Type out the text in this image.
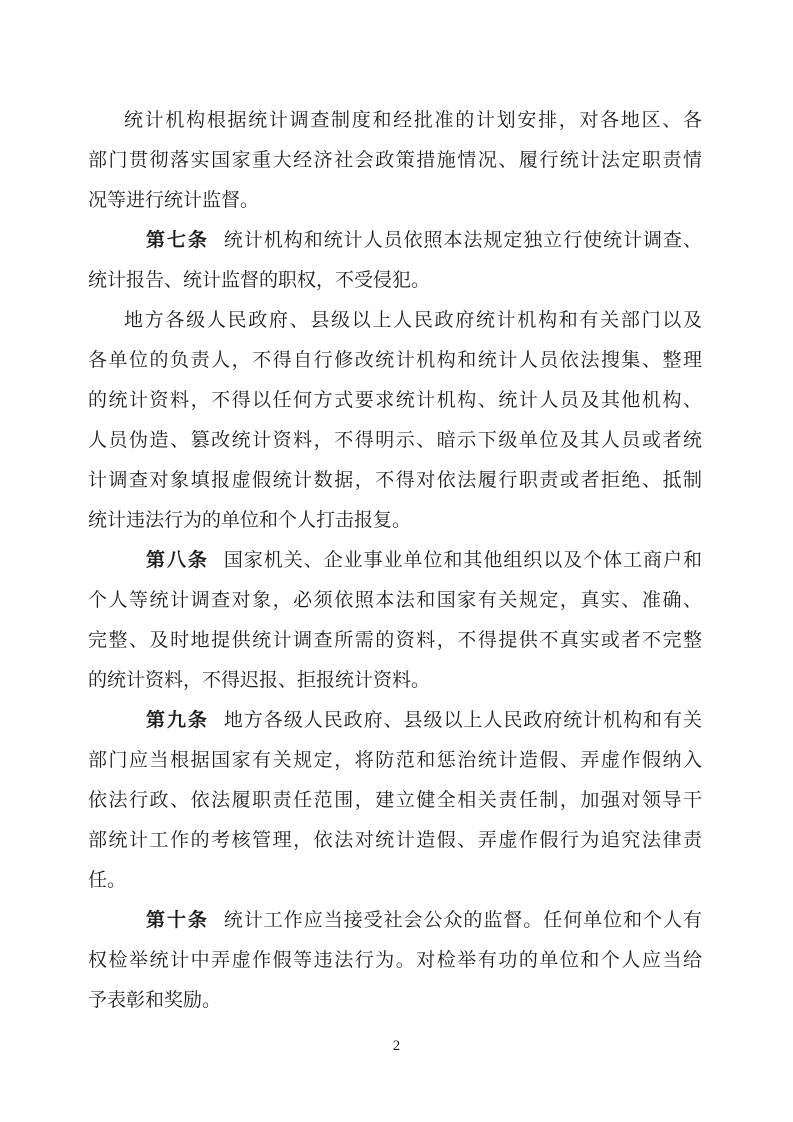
统计机构根据统计调查制度和经批准的计划安排，对各地区、各
部门贯彻落实国家重大经济社会政策措施情况、履行统计法定职责情
况等进行统计监督。
第七条 统计机构和统计人员依照本法规定独立行使统计调查、
统计报告、统计监督的职权，不受侵犯。
地方各级人民政府、县级以上人民政府统计机构和有关部门以及
各单位的负责人，不得自行修改统计机构和统计人员依法搜集、整理
的统计资料，不得以任何方式要求统计机构、统计人员及其他机构、
人员伪造、篡改统计资料，不得明示、暗示下级单位及其人员或者统
计调查对象填报虚假统计数据，不得对依法履行职责或者拒绝、抵制
统计违法行为的单位和个人打击报复。
第八条 国家机关、企业事业单位和其他组织以及个体工商户和
个人等统计调查对象，必须依照本法和国家有关规定，真实、准确、
完整、及时地提供统计调查所需的资料，不得提供不真实或者不完整
的统计资料，不得迟报、拒报统计资料。
第九条 地方各级人民政府、县级以上人民政府统计机构和有关
部门应当根据国家有关规定，将防范和惩治统计造假、弄虚作假纳入
依法行政、依法履职责任范围，建立健全相关责任制，加强对领导干
部统计工作的考核管理，依法对统计造假、弄虚作假行为追究法律责
任。
第十条 统计工作应当接受社会公众的监督。任何单位和个人有
权检举统计中弄虚作假等违法行为。对检举有功的单位和个人应当给
予表彰和奖励。
2
